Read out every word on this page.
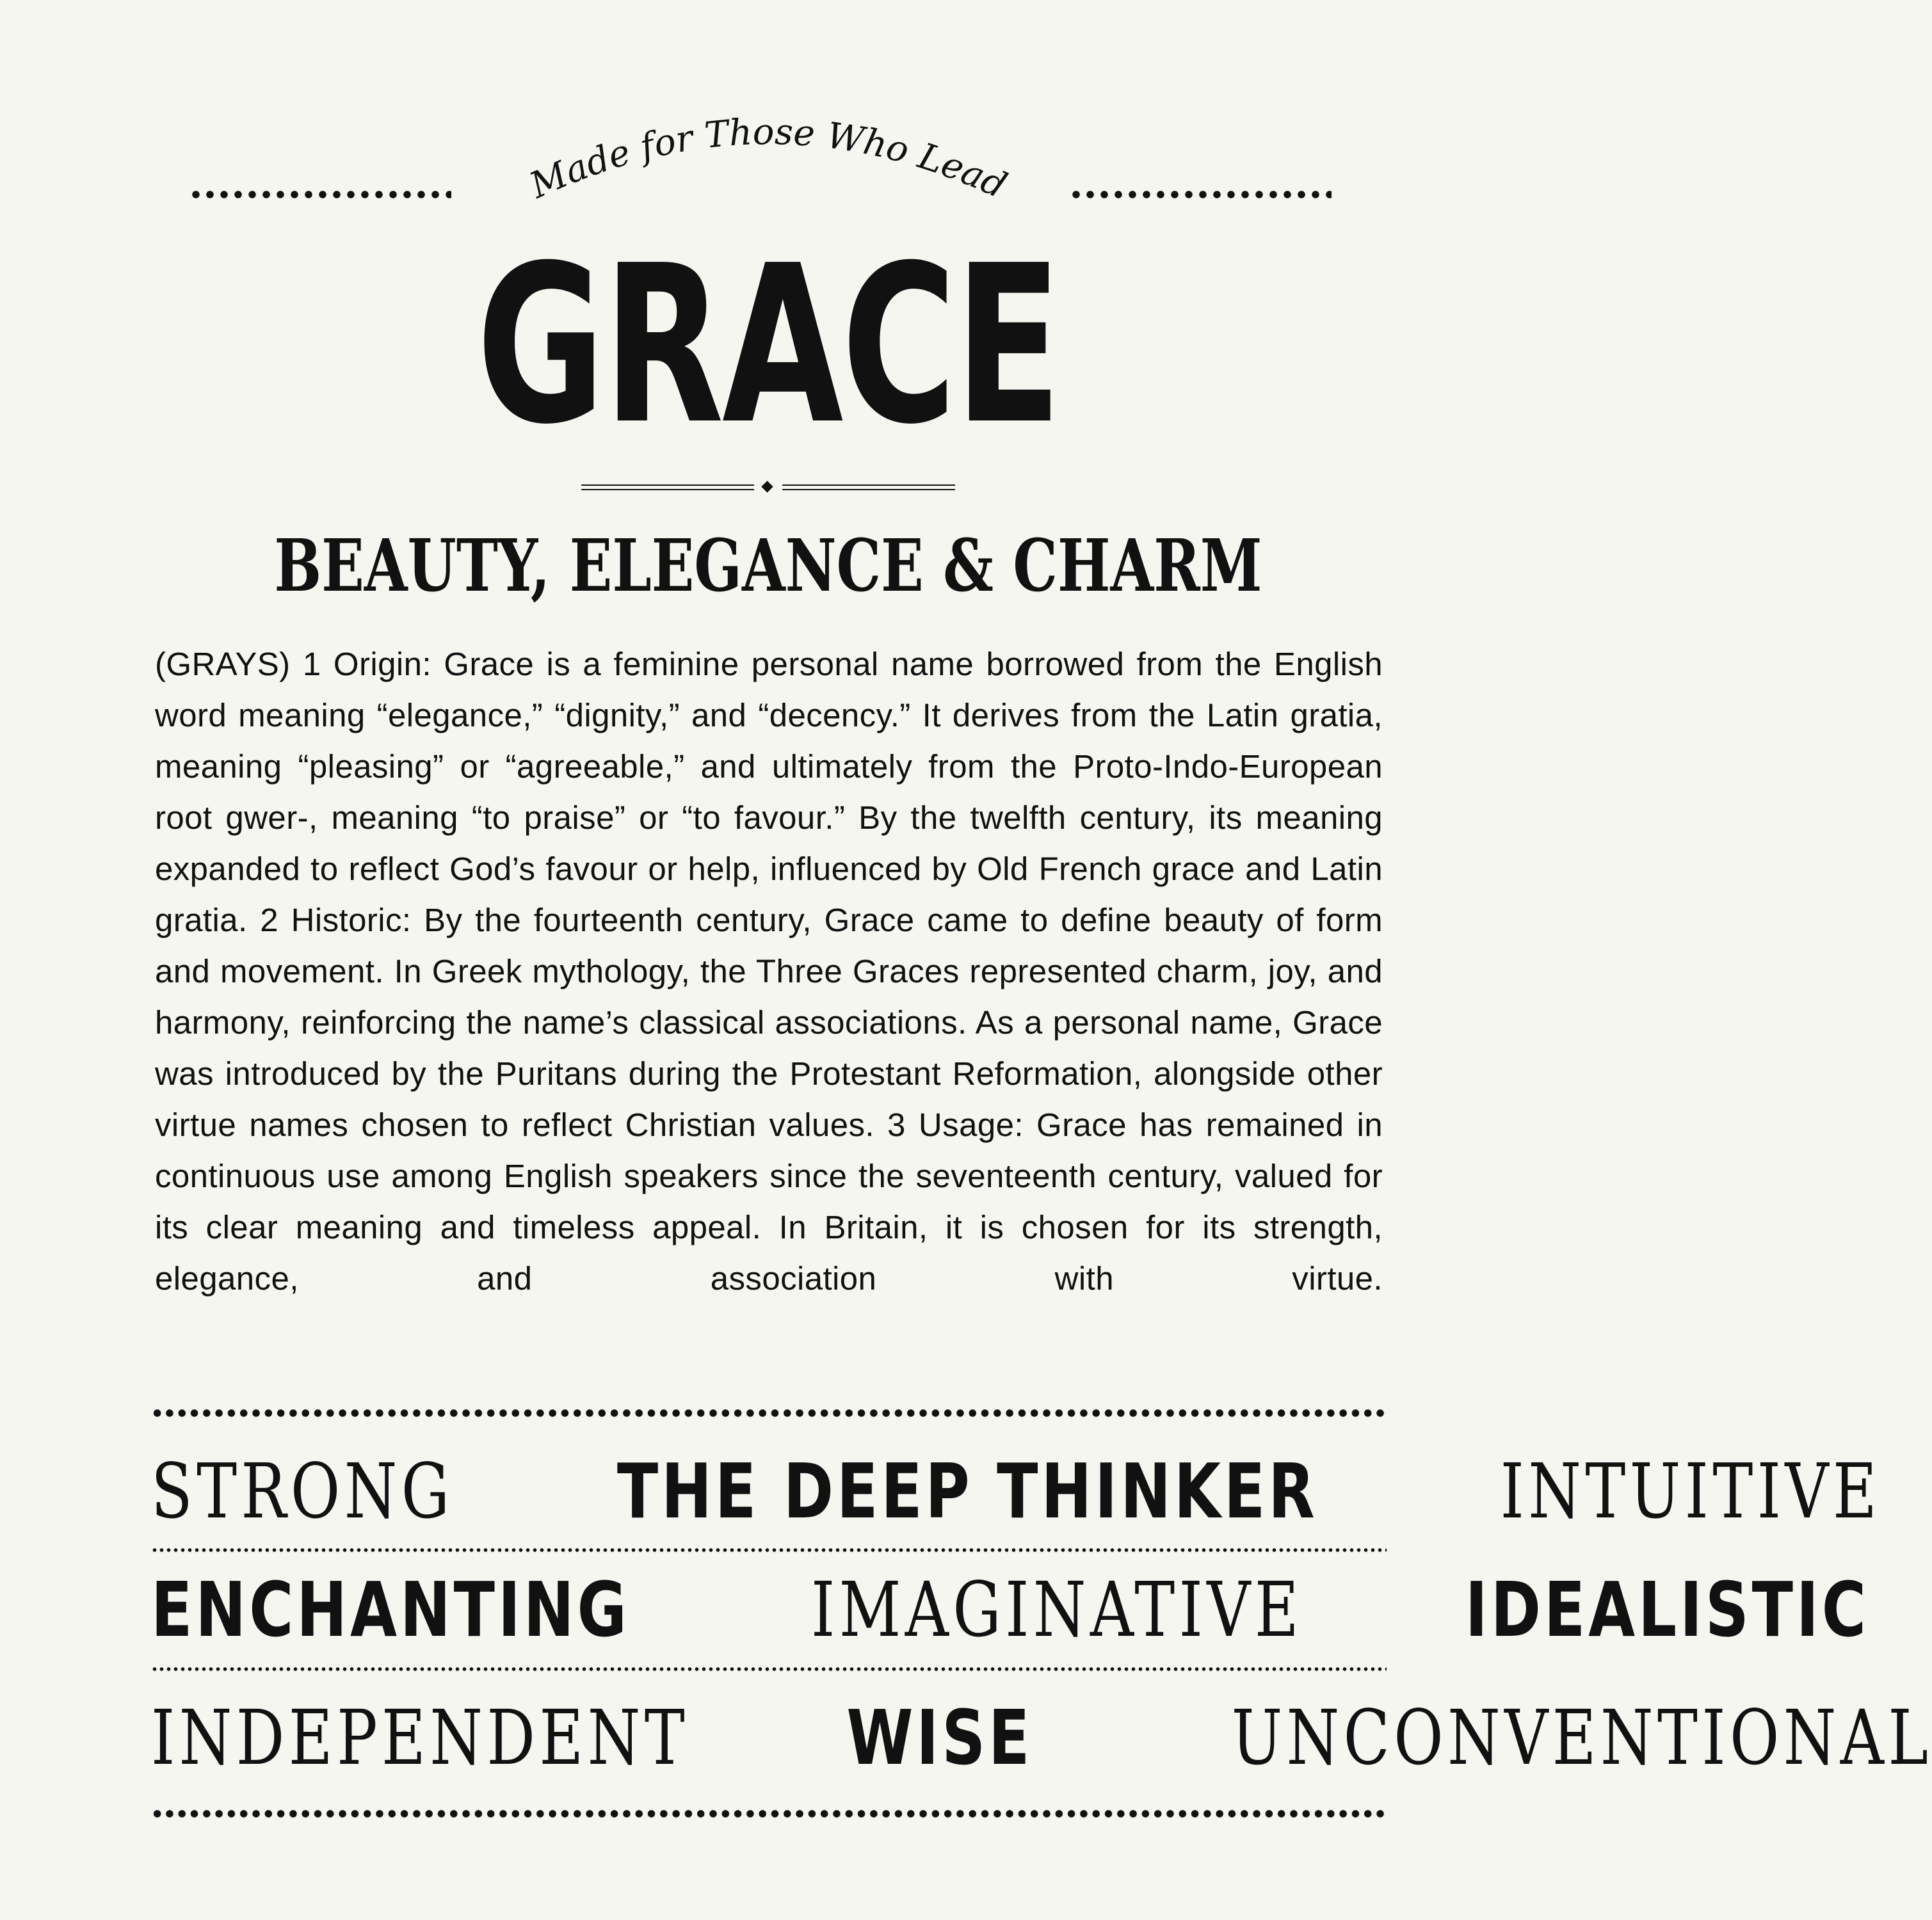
Made for Those Who Lead
GRACE
BEAUTY, ELEGANCE & CHARM

(GRAYS) 1 Origin: Grace is a feminine personal name borrowed from the English word meaning “elegance,” “dignity,” and “decency.” It derives from the Latin gratia, meaning “pleasing” or “agreeable,” and ultimately from the Proto-Indo-European root gwer-, meaning “to praise” or “to favour.” By the twelfth century, its meaning expanded to reflect God’s favour or help, influenced by Old French grace and Latin gratia. 2 Historic: By the fourteenth century, Grace came to define beauty of form and movement. In Greek mythology, the Three Graces represented charm, joy, and harmony, reinforcing the name’s classical associations. As a personal name, Grace was introduced by the Puritans during the Protestant Reformation, alongside other virtue names chosen to reflect Christian values. 3 Usage: Grace has remained in continuous use among English speakers since the seventeenth century, valued for its clear meaning and timeless appeal. In Britain, it is chosen for its strength, elegance, and association with virtue.

STRONG THE DEEP THINKER INTUITIVE
ENCHANTING IMAGINATIVE IDEALISTIC
INDEPENDENT WISE	UNCONVENTIONAL
